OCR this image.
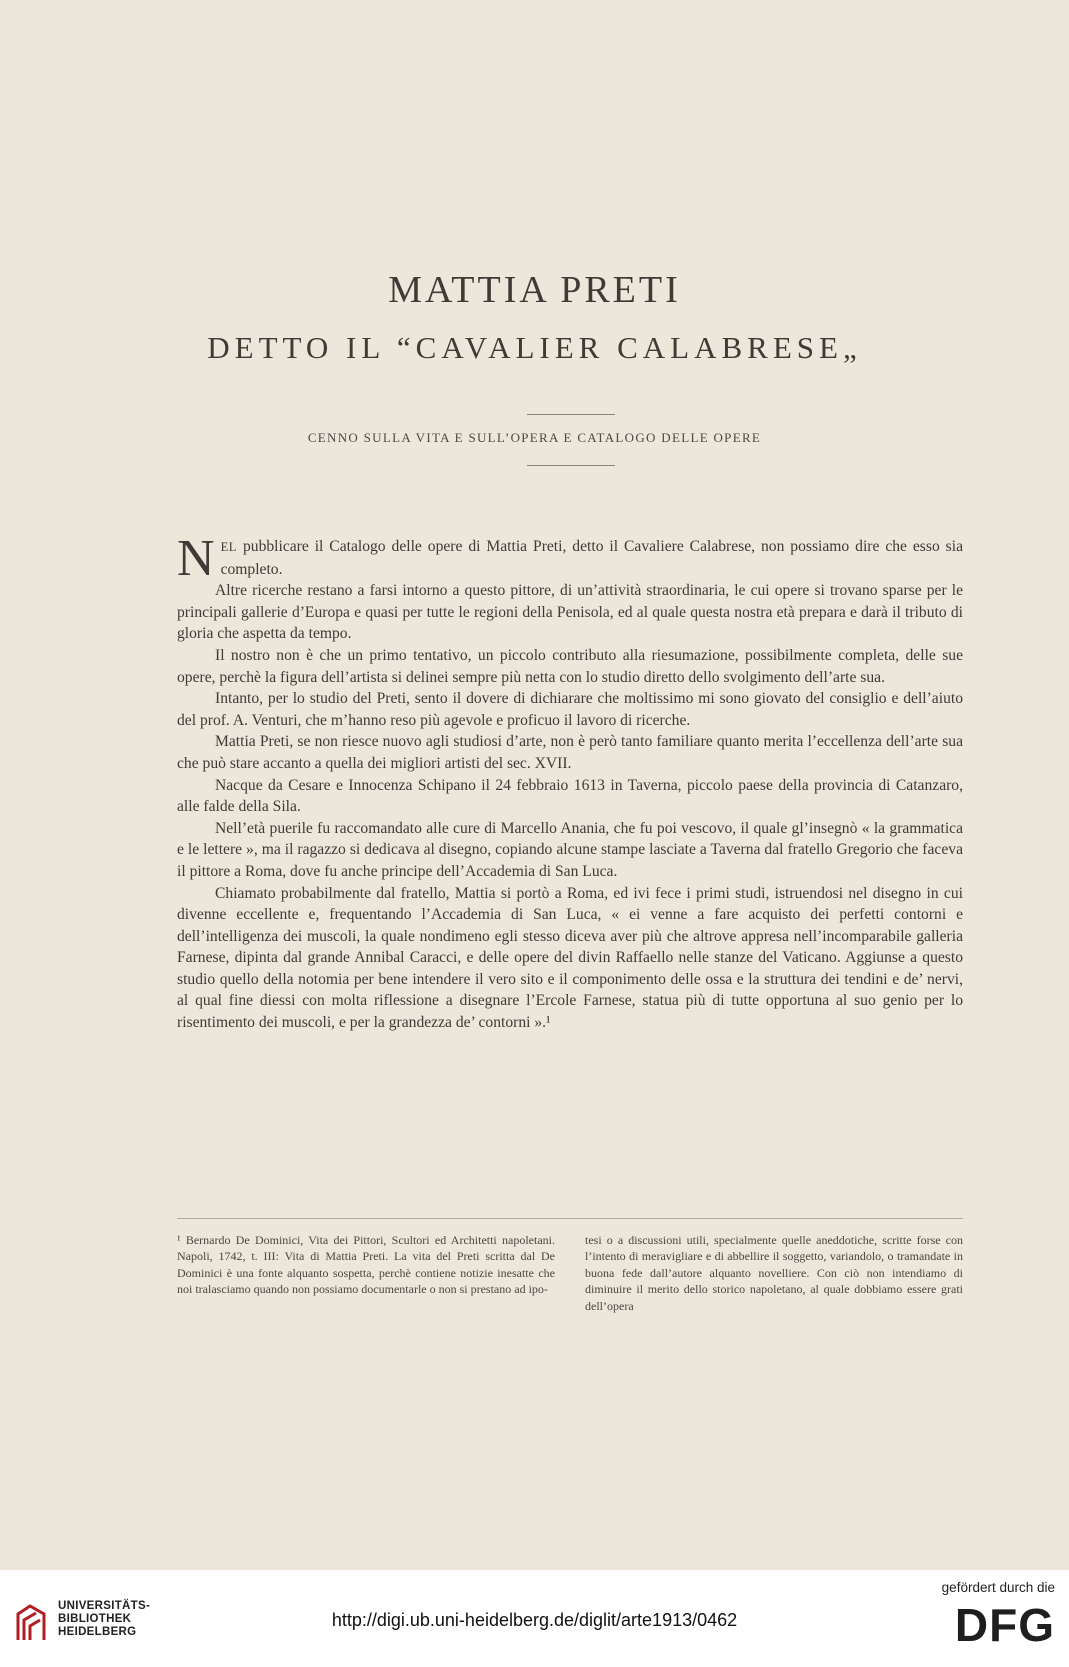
MATTIA PRETI
DETTO IL “CAVALIER CALABRESE„
CENNO SULLA VITA E SULL’OPERA E CATALOGO DELLE OPERE

NEL pubblicare il Catalogo delle opere di Mattia Preti, detto il Cavaliere Calabrese, non possiamo dire che esso sia completo.

Altre ricerche restano a farsi intorno a questo pittore, di un’attività straordinaria, le cui opere si trovano sparse per le principali gallerie d’Europa e quasi per tutte le regioni della Penisola, ed al quale questa nostra età prepara e darà il tributo di gloria che aspetta da tempo.

Il nostro non è che un primo tentativo, un piccolo contributo alla riesumazione, possibilmente completa, delle sue opere, perchè la figura dell’artista si delinei sempre più netta con lo studio diretto dello svolgimento dell’arte sua.

Intanto, per lo studio del Preti, sento il dovere di dichiarare che moltissimo mi sono giovato del consiglio e dell’aiuto del prof. A. Venturi, che m’hanno reso più agevole e proficuo il lavoro di ricerche.

Mattia Preti, se non riesce nuovo agli studiosi d’arte, non è però tanto familiare quanto merita l’eccellenza dell’arte sua che può stare accanto a quella dei migliori artisti del sec. XVII.

Nacque da Cesare e Innocenza Schipano il 24 febbraio 1613 in Taverna, piccolo paese della provincia di Catanzaro, alle falde della Sila.

Nell’età puerile fu raccomandato alle cure di Marcello Anania, che fu poi vescovo, il quale gl’insegnò « la grammatica e le lettere », ma il ragazzo si dedicava al disegno, copiando alcune stampe lasciate a Taverna dal fratello Gregorio che faceva il pittore a Roma, dove fu anche principe dell’Accademia di San Luca.

Chiamato probabilmente dal fratello, Mattia si portò a Roma, ed ivi fece i primi studi, istruendosi nel disegno in cui divenne eccellente e, frequentando l’Accademia di San Luca, « ei venne a fare acquisto dei perfetti contorni e dell’intelligenza dei muscoli, la quale nondimeno egli stesso diceva aver più che altrove appresa nell’incomparabile galleria Farnese, dipinta dal grande Annibal Caracci, e delle opere del divin Raffaello nelle stanze del Vaticano. Aggiunse a questo studio quello della notomia per bene intendere il vero sito e il componimento delle ossa e la struttura dei tendini e de’ nervi, al qual fine diessi con molta riflessione a disegnare l’Ercole Farnese, statua più di tutte opportuna al suo genio per lo risentimento dei muscoli, e per la grandezza de’ contorni ».¹

¹ Bernardo De Dominici, Vita dei Pittori, Scultori ed Architetti napoletani. Napoli, 1742, t. III: Vita di Mattia Preti. La vita del Preti scritta dal De Dominici è una fonte alquanto sospetta, perchè contiene notizie inesatte che noi tralasciamo quando non possiamo documentarle o non si prestano ad ipo-
tesi o a discussioni utili, specialmente quelle aneddotiche, scritte forse con l’intento di meravigliare e di abbellire il soggetto, variandolo, o tramandate in buona fede dall’autore alquanto novelliere. Con ciò non intendiamo di diminuire il merito dello storico napoletano, al quale dobbiamo essere grati dell’opera
UNIVERSITÄTS-
BIBLIOTHEK
HEIDELBERG
http://digi.ub.uni-heidelberg.de/diglit/arte1913/0462
gefördert durch die
DFG
